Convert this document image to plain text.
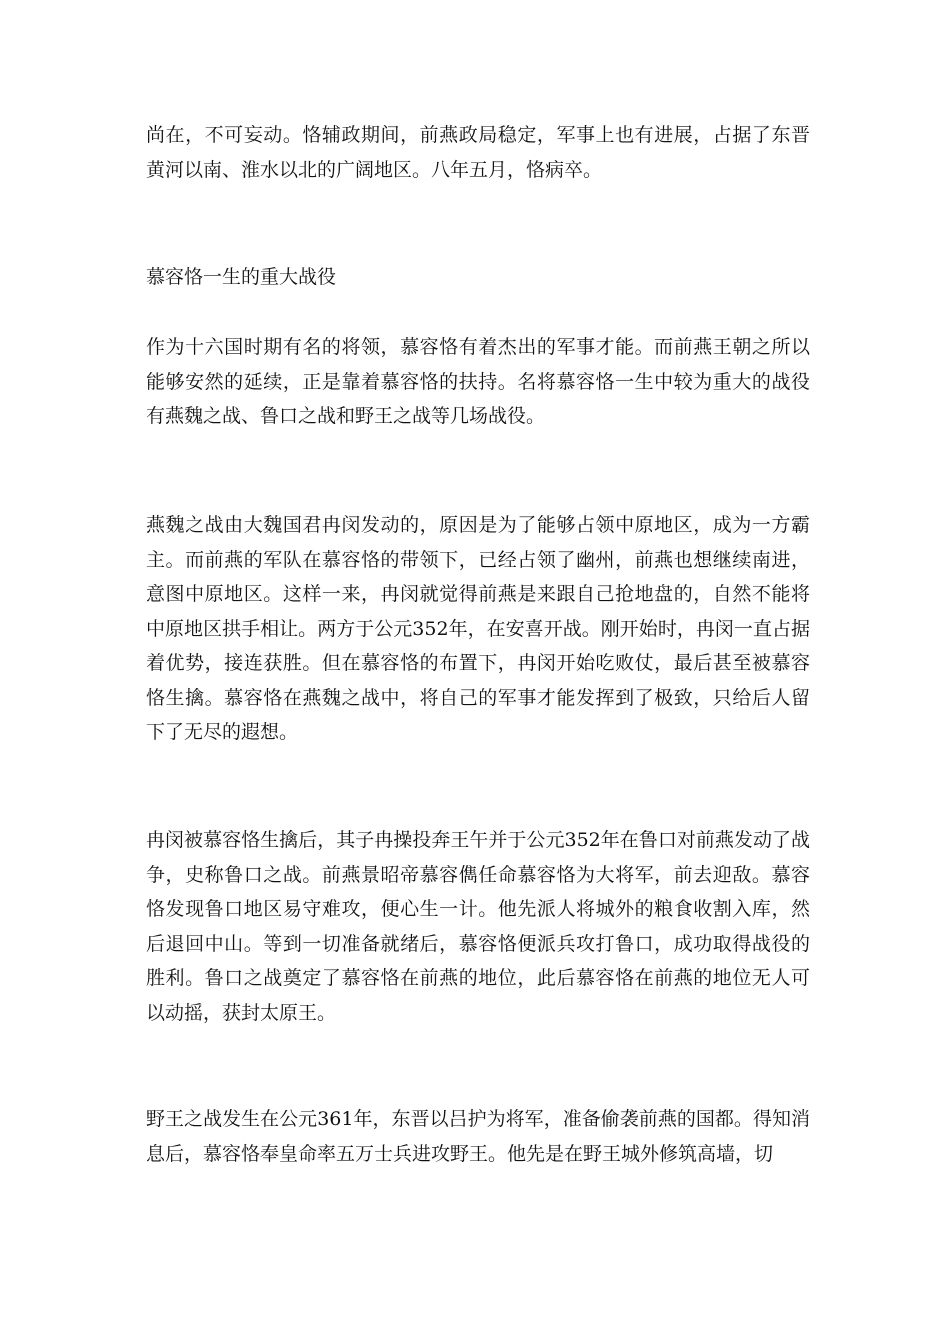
尚在，不可妄动。恪辅政期间，前燕政局稳定，军事上也有进展，占据了东晋黄河以南、淮水以北的广阔地区。八年五月，恪病卒。

慕容恪一生的重大战役

作为十六国时期有名的将领，慕容恪有着杰出的军事才能。而前燕王朝之所以能够安然的延续，正是靠着慕容恪的扶持。名将慕容恪一生中较为重大的战役有燕魏之战、鲁口之战和野王之战等几场战役。

燕魏之战由大魏国君冉闵发动的，原因是为了能够占领中原地区，成为一方霸主。而前燕的军队在慕容恪的带领下，已经占领了幽州，前燕也想继续南进，意图中原地区。这样一来，冉闵就觉得前燕是来跟自己抢地盘的，自然不能将中原地区拱手相让。两方于公元352年，在安喜开战。刚开始时，冉闵一直占据着优势，接连获胜。但在慕容恪的布置下，冉闵开始吃败仗，最后甚至被慕容恪生擒。慕容恪在燕魏之战中，将自己的军事才能发挥到了极致，只给后人留下了无尽的遐想。

冉闵被慕容恪生擒后，其子冉操投奔王午并于公元352年在鲁口对前燕发动了战争，史称鲁口之战。前燕景昭帝慕容儁任命慕容恪为大将军，前去迎敌。慕容恪发现鲁口地区易守难攻，便心生一计。他先派人将城外的粮食收割入库，然后退回中山。等到一切准备就绪后，慕容恪便派兵攻打鲁口，成功取得战役的胜利。鲁口之战奠定了慕容恪在前燕的地位，此后慕容恪在前燕的地位无人可以动摇，获封太原王。

野王之战发生在公元361年，东晋以吕护为将军，准备偷袭前燕的国都。得知消息后，慕容恪奉皇命率五万士兵进攻野王。他先是在野王城外修筑高墙，切
